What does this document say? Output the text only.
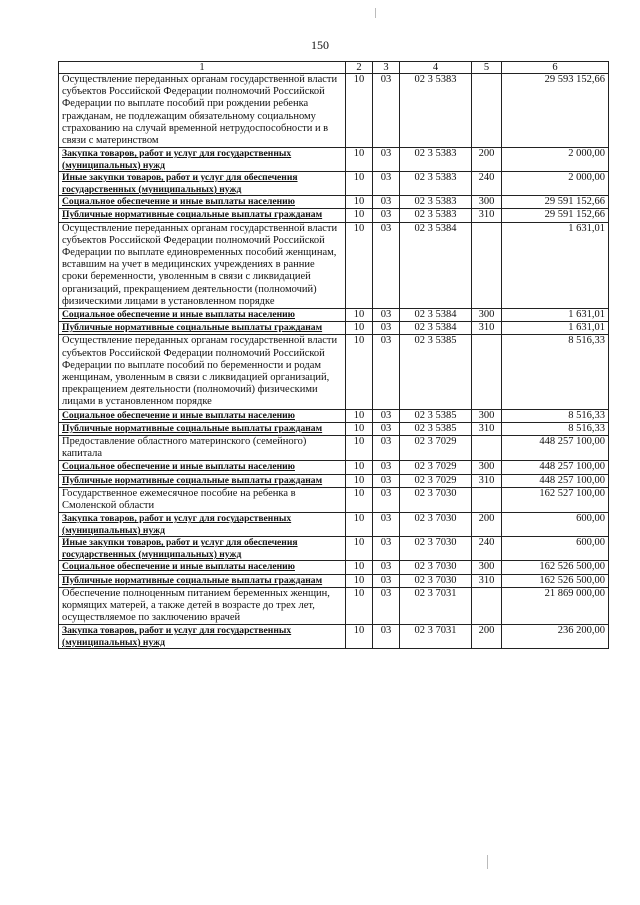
150
1	2	3	4	5	6
Осуществление переданных органам государственной власти субъектов Российской Федерации полномочий Российской Федерации по выплате пособий при рождении ребенка гражданам, не подлежащим обязательному социальному страхованию на случай временной нетрудоспособности и в связи с материнством	10	03	02 3 5383		29 593 152,66
Закупка товаров, работ и услуг для государственных (муниципальных) нужд	10	03	02 3 5383	200	2 000,00
Иные закупки товаров, работ и услуг для обеспечения государственных (муниципальных) нужд	10	03	02 3 5383	240	2 000,00
Социальное обеспечение и иные выплаты населению	10	03	02 3 5383	300	29 591 152,66
Публичные нормативные социальные выплаты гражданам	10	03	02 3 5383	310	29 591 152,66
Осуществление переданных органам государственной власти субъектов Российской Федерации полномочий Российской Федерации по выплате единовременных пособий женщинам, вставшим на учет в медицинских учреждениях в ранние сроки беременности, уволенным в связи с ликвидацией организаций, прекращением деятельности (полномочий) физическими лицами в установленном порядке	10	03	02 3 5384		1 631,01
Социальное обеспечение и иные выплаты населению	10	03	02 3 5384	300	1 631,01
Публичные нормативные социальные выплаты гражданам	10	03	02 3 5384	310	1 631,01
Осуществление переданных органам государственной власти субъектов Российской Федерации полномочий Российской Федерации по выплате пособий по беременности и родам женщинам, уволенным в связи с ликвидацией организаций, прекращением деятельности (полномочий) физическими лицами в установленном порядке	10	03	02 3 5385		8 516,33
Социальное обеспечение и иные выплаты населению	10	03	02 3 5385	300	8 516,33
Публичные нормативные социальные выплаты гражданам	10	03	02 3 5385	310	8 516,33
Предоставление областного материнского (семейного) капитала	10	03	02 3 7029		448 257 100,00
Социальное обеспечение и иные выплаты населению	10	03	02 3 7029	300	448 257 100,00
Публичные нормативные социальные выплаты гражданам	10	03	02 3 7029	310	448 257 100,00
Государственное ежемесячное пособие на ребенка в Смоленской области	10	03	02 3 7030		162 527 100,00
Закупка товаров, работ и услуг для государственных (муниципальных) нужд	10	03	02 3 7030	200	600,00
Иные закупки товаров, работ и услуг для обеспечения государственных (муниципальных) нужд	10	03	02 3 7030	240	600,00
Социальное обеспечение и иные выплаты населению	10	03	02 3 7030	300	162 526 500,00
Публичные нормативные социальные выплаты гражданам	10	03	02 3 7030	310	162 526 500,00
Обеспечение полноценным питанием беременных женщин, кормящих матерей, а также детей в возрасте до трех лет, осуществляемое по заключению врачей	10	03	02 3 7031		21 869 000,00
Закупка товаров, работ и услуг для государственных (муниципальных) нужд	10	03	02 3 7031	200	236 200,00
